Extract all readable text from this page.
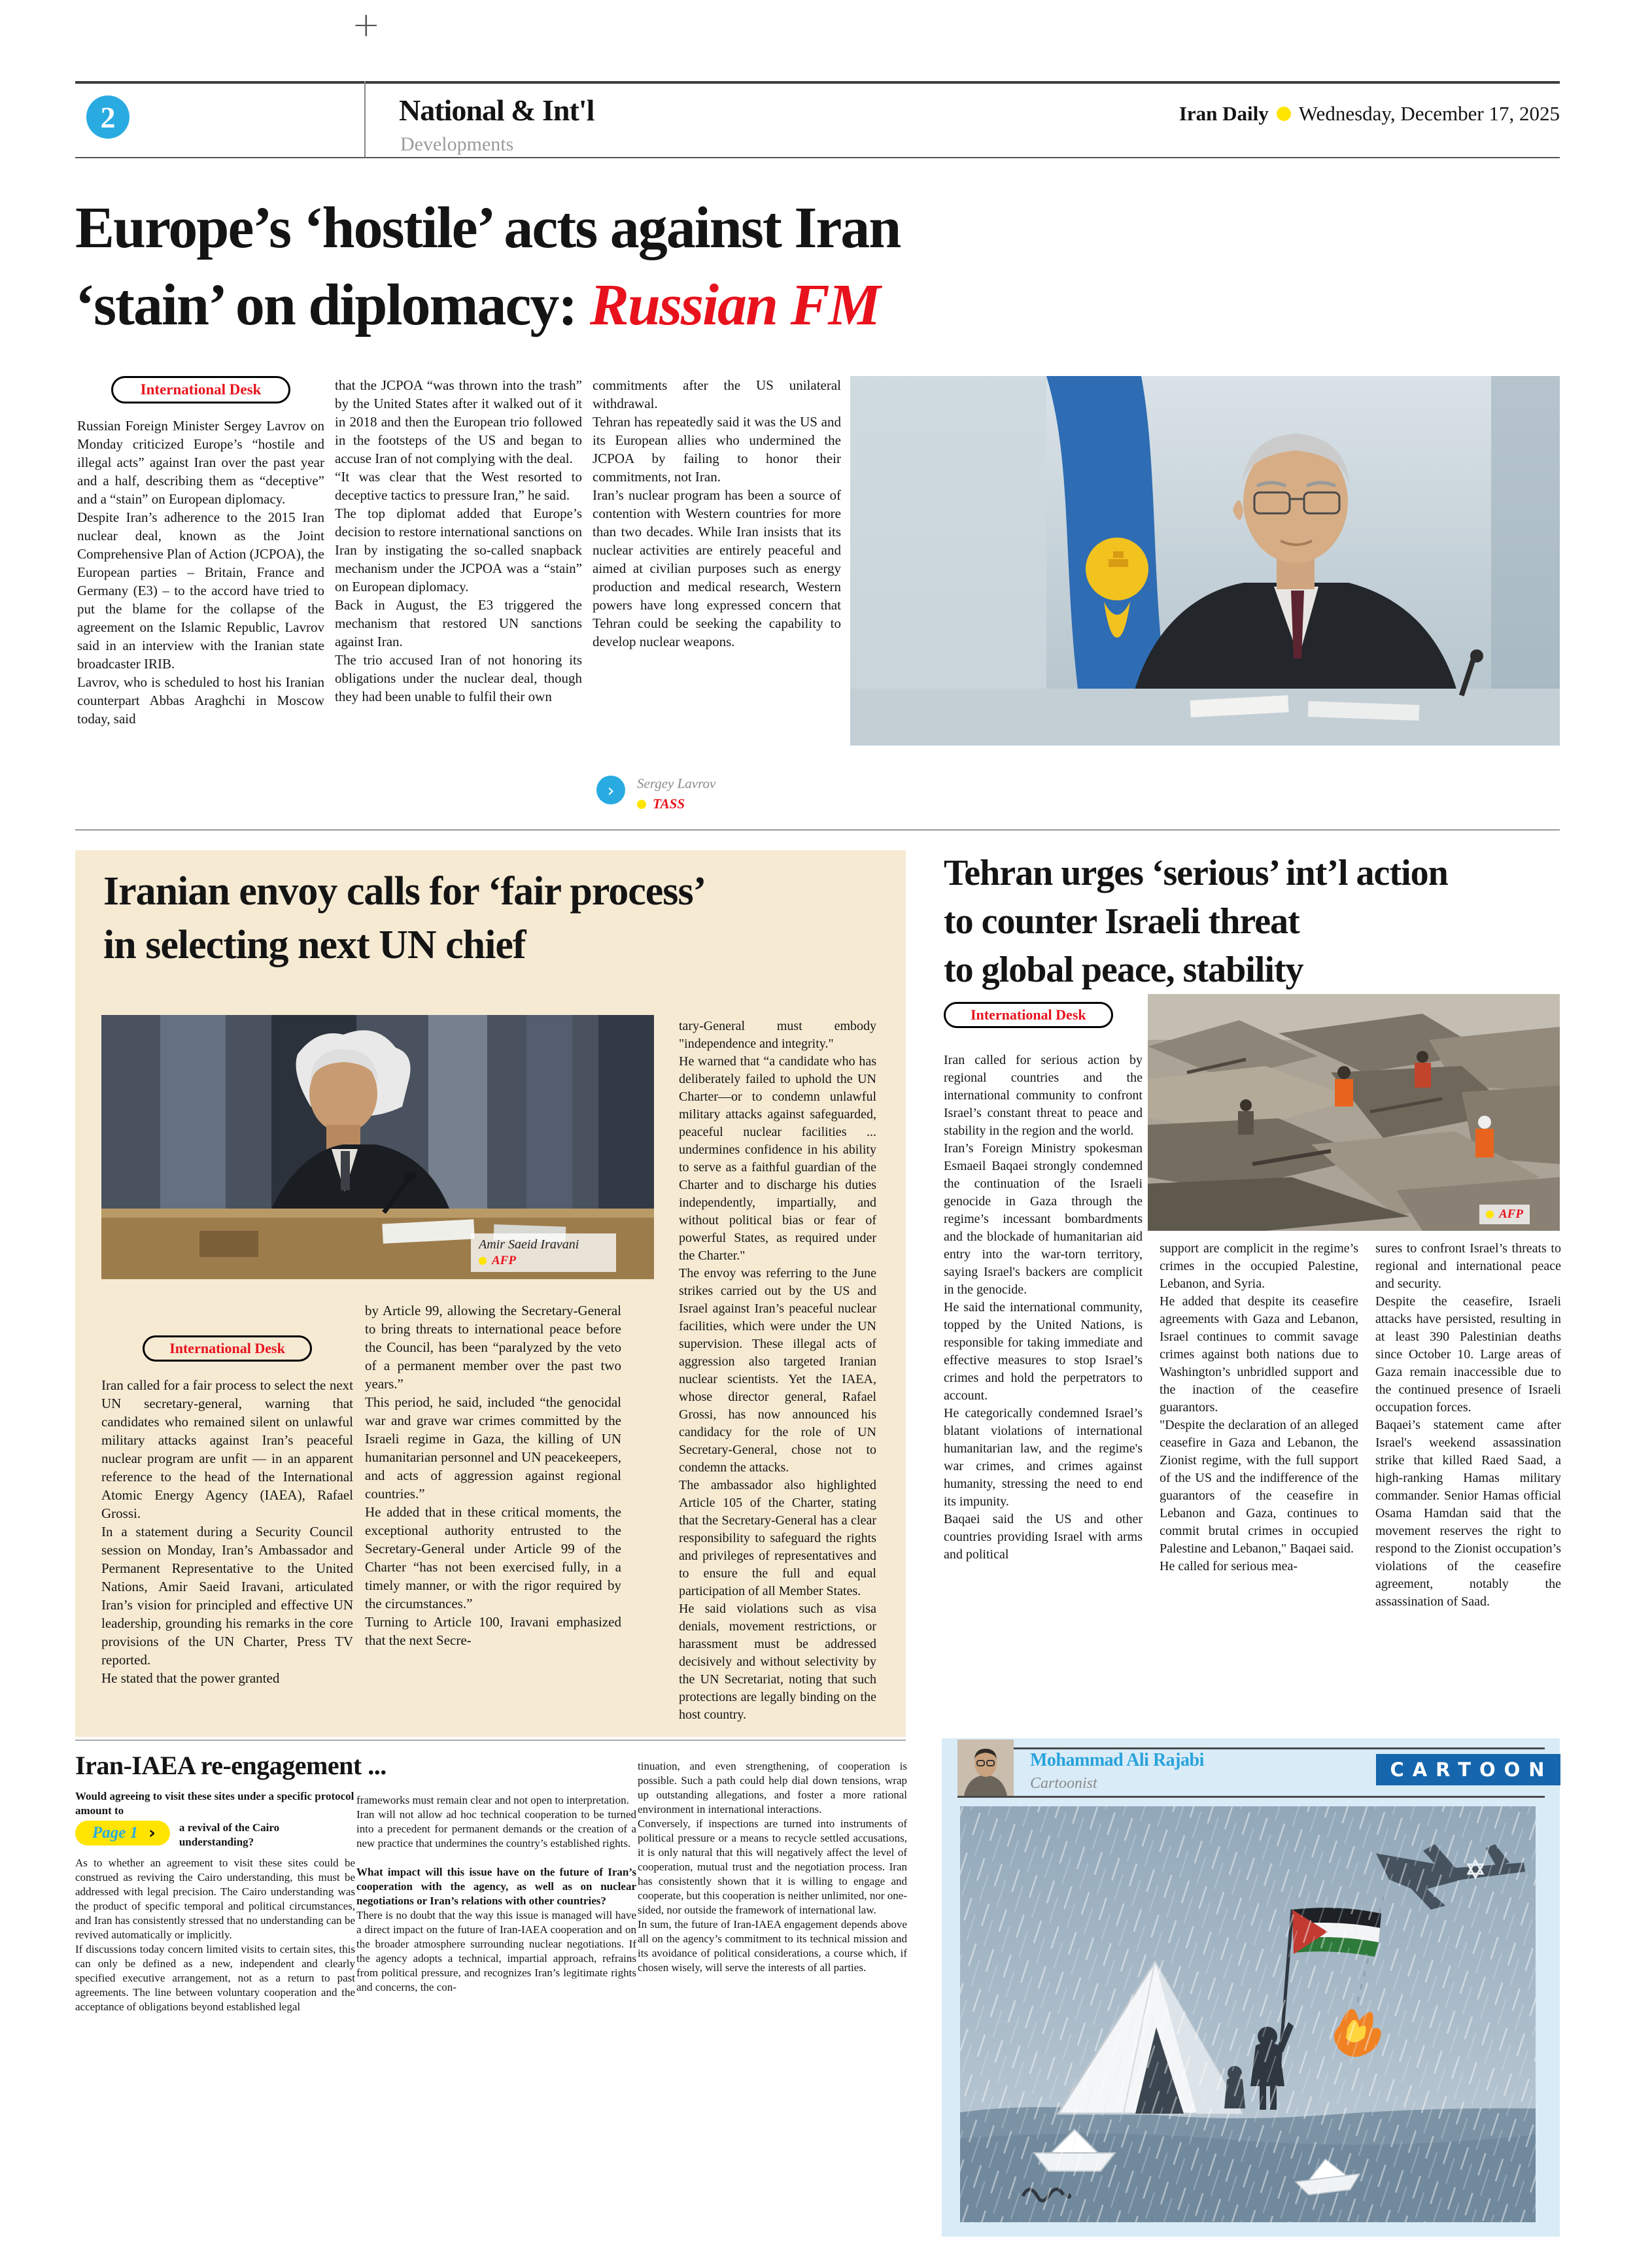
+
2	National & Int'l
Developments
Iran Daily Wednesday, December 17, 2025
Europe’s ‘hostile’ acts against Iran
‘stain’ on diplomacy: Russian FM
International Desk

Russian Foreign Minister Sergey Lavrov on Monday criticized Europe’s “hostile and illegal acts” against Iran over the past year and a half, describing them as “deceptive” and a “stain” on European diplomacy.

Despite Iran’s adherence to the 2015 Iran nuclear deal, known as the Joint Comprehensive Plan of Action (JCPOA), the European parties – Britain, France and Germany (E3) – to the accord have tried to put the blame for the collapse of the agreement on the Islamic Republic, Lavrov said in an interview with the Iranian state broadcaster IRIB.

Lavrov, who is scheduled to host his Iranian counterpart Abbas Araghchi in Moscow today, said

that the JCPOA “was thrown into the trash” by the United States after it walked out of it in 2018 and then the European trio followed in the footsteps of the US and began to accuse Iran of not complying with the deal.

“It was clear that the West resorted to deceptive tactics to pressure Iran,” he said.

The top diplomat added that Europe’s decision to restore international sanctions on Iran by instigating the so-called snapback mechanism under the JCPOA was a “stain” on European diplomacy.

Back in August, the E3 triggered the mechanism that restored UN sanctions against Iran.

The trio accused Iran of not honoring its obligations under the nuclear deal, though they had been unable to fulfil their own

commitments after the US unilateral withdrawal.

Tehran has repeatedly said it was the US and its European allies who undermined the JCPOA by failing to honor their commitments, not Iran.

Iran’s nuclear program has been a source of contention with Western countries for more than two decades. While Iran insists that its nuclear activities are entirely peaceful and aimed at civilian purposes such as energy production and medical research, Western powers have long expressed concern that Tehran could be seeking the capability to develop nuclear weapons.

›	Sergey Lavrov
TASS
Iranian envoy calls for ‘fair process’
in selecting next UN chief
Amir Saeid Iravani
AFP
International Desk

Iran called for a fair process to select the next UN secretary-general, warning that candidates who remained silent on unlawful military attacks against Iran’s peaceful nuclear program are unfit — in an apparent reference to the head of the International Atomic Energy Agency (IAEA), Rafael Grossi.

In a statement during a Security Council session on Monday, Iran’s Ambassador and Permanent Representative to the United Nations, Amir Saeid Iravani, articulated Iran’s vision for principled and effective UN leadership, grounding his remarks in the core provisions of the UN Charter, Press TV reported.

He stated that the power granted

by Article 99, allowing the Secretary-General to bring threats to international peace before the Council, has been “paralyzed by the veto of a permanent member over the past two years.”

This period, he said, included “the genocidal war and grave war crimes committed by the Israeli regime in Gaza, the killing of UN humanitarian personnel and UN peacekeepers, and acts of aggression against regional countries.”

He added that in these critical moments, the exceptional authority entrusted to the Secretary-General under Article 99 of the Charter “has not been exercised fully, in a timely manner, or with the rigor required by the circumstances.”

Turning to Article 100, Iravani emphasized that the next Secre-

tary-General must embody "independence and integrity."

He warned that “a candidate who has deliberately failed to uphold the UN Charter—or to condemn unlawful military attacks against safeguarded, peaceful nuclear facilities ... undermines confidence in his ability to serve as a faithful guardian of the Charter and to discharge his duties independently, impartially, and without political bias or fear of powerful States, as required under the Charter."

The envoy was referring to the June strikes carried out by the US and Israel against Iran’s peaceful nuclear facilities, which were under the UN supervision. These illegal acts of aggression also targeted Iranian nuclear scientists. Yet the IAEA, whose director general, Rafael Grossi, has now announced his candidacy for the role of UN Secretary-General, chose not to condemn the attacks.

The ambassador also highlighted Article 105 of the Charter, stating that the Secretary-General has a clear responsibility to safeguard the rights and privileges of representatives and to ensure the full and equal participation of all Member States.

He said violations such as visa denials, movement restrictions, or harassment must be addressed decisively and without selectivity by the UN Secretariat, noting that such protections are legally binding on the host country.

Tehran urges ‘serious’ int’l action
to counter Israeli threat
to global peace, stability
International Desk
AFP

Iran called for serious action by regional countries and the international community to confront Israel’s constant threat to peace and stability in the region and the world.

Iran’s Foreign Ministry spokesman Esmaeil Baqaei strongly condemned the continuation of the Israeli genocide in Gaza through the regime’s incessant bombardments and the blockade of humanitarian aid entry into the war-torn territory, saying Israel's backers are complicit in the genocide.

He said the international community, topped by the United Nations, is responsible for taking immediate and effective measures to stop Israel’s crimes and hold the perpetrators to account.

He categorically condemned Israel’s blatant violations of international humanitarian law, and the regime's war crimes, and crimes against humanity, stressing the need to end its impunity.

Baqaei said the US and other countries providing Israel with arms and political

support are complicit in the regime’s crimes in the occupied Palestine, Lebanon, and Syria.

He added that despite its ceasefire agreements with Gaza and Lebanon, Israel continues to commit savage crimes against both nations due to Washington’s unbridled support and the inaction of the ceasefire guarantors.

"Despite the declaration of an alleged ceasefire in Gaza and Lebanon, the Zionist regime, with the full support of the US and the indifference of the guarantors of the ceasefire in Lebanon and Gaza, continues to commit brutal crimes in occupied Palestine and Lebanon," Baqaei said.

He called for serious mea-

sures to confront Israel’s threats to regional and international peace and security.

Despite the ceasefire, Israeli attacks have persisted, resulting in at least 390 Palestinian deaths since October 10. Large areas of Gaza remain inaccessible due to the continued presence of Israeli occupation forces.

Baqaei’s statement came after Israel's weekend assassination strike that killed Raed Saad, a high-ranking Hamas military commander. Senior Hamas official Osama Hamdan said that the movement reserves the right to respond to the Zionist occupation’s violations of the ceasefire agreement, notably the assassination of Saad.

Iran-IAEA re-engagement ...

Would agreeing to visit these sites under a specific protocol amount to

Page 1 › a revival of the Cairo understanding?

As to whether an agreement to visit these sites could be construed as reviving the Cairo understanding, this must be addressed with legal precision. The Cairo understanding was the product of specific temporal and political circumstances, and Iran has consistently stressed that no understanding can be revived automatically or implicitly.

If discussions today concern limited visits to certain sites, this can only be defined as a new, independent and clearly specified executive arrangement, not as a return to past agreements. The line between voluntary cooperation and the acceptance of obligations beyond established legal

frameworks must remain clear and not open to interpretation.

Iran will not allow ad hoc technical cooperation to be turned into a precedent for permanent demands or the creation of a new practice that undermines the country’s established rights.

What impact will this issue have on the future of Iran’s cooperation with the agency, as well as on nuclear negotiations or Iran’s relations with other countries?

There is no doubt that the way this issue is managed will have a direct impact on the future of Iran-IAEA cooperation and on the broader atmosphere surrounding nuclear negotiations. If the agency adopts a technical, impartial approach, refrains from political pressure, and recognizes Iran’s legitimate rights and concerns, the con-

tinuation, and even strengthening, of cooperation is possible. Such a path could help dial down tensions, wrap up outstanding allegations, and foster a more rational environment in international interactions.

Conversely, if inspections are turned into instruments of political pressure or a means to recycle settled accusations, it is only natural that this will negatively affect the level of cooperation, mutual trust and the negotiation process. Iran has consistently shown that it is willing to engage and cooperate, but this cooperation is neither unlimited, nor one-sided, nor outside the framework of international law.

In sum, the future of Iran-IAEA engagement depends above all on the agency’s commitment to its technical mission and its avoidance of political considerations, a course which, if chosen wisely, will serve the interests of all parties.

Mohammad Ali Rajabi
Cartoonist
CARTOON
